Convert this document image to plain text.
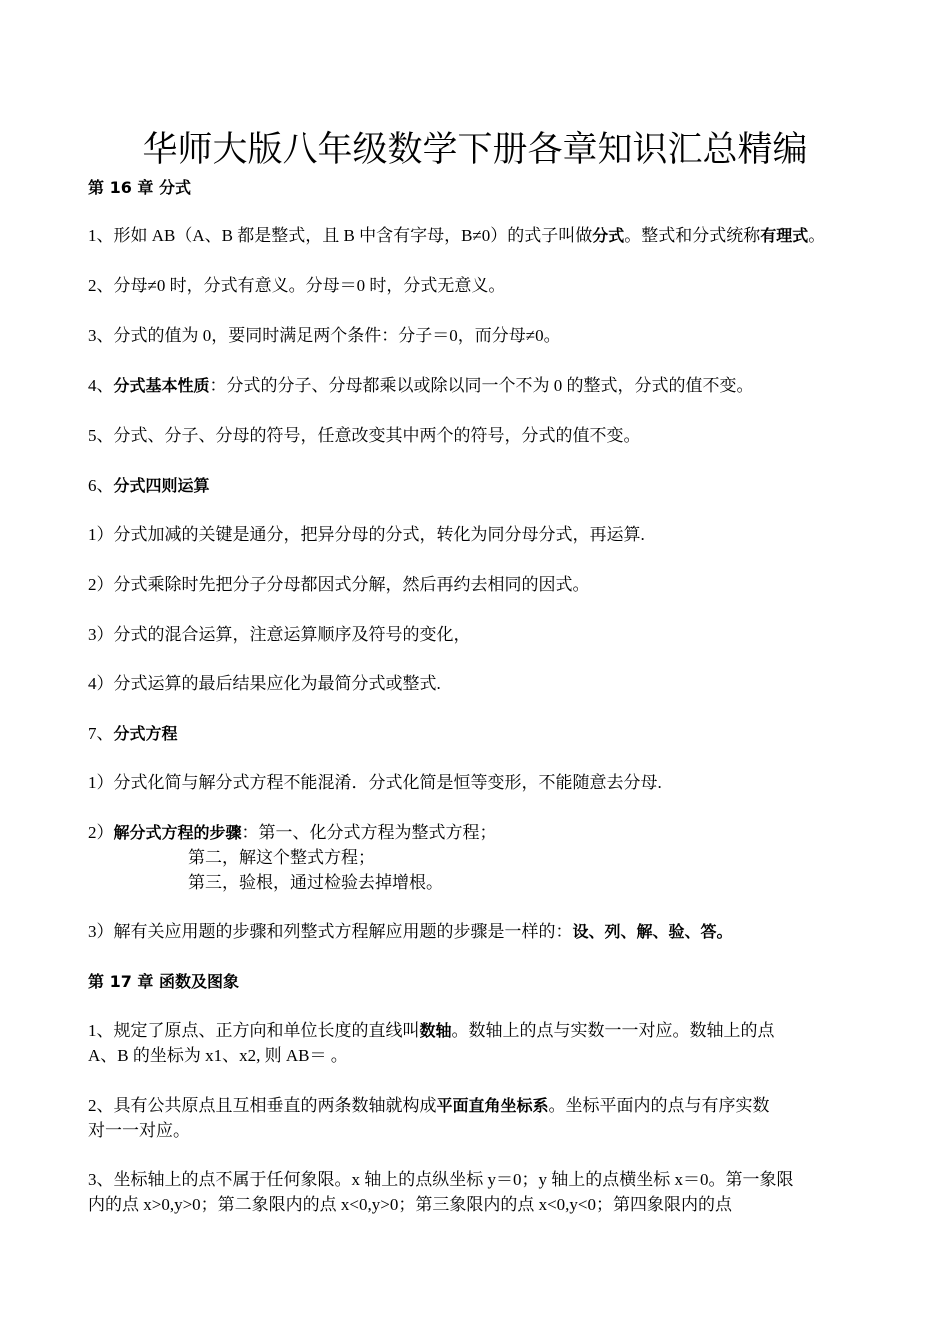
华师大版八年级数学下册各章知识汇总精编
第 16 章 分式
1、形如 AB（A、B 都是整式，且 B 中含有字母，B≠0）的式子叫做分式。整式和分式统称有理式。
2、分母≠0 时，分式有意义。分母＝0 时，分式无意义。
3、分式的值为 0，要同时满足两个条件：分子＝0，而分母≠0。
4、分式基本性质：分式的分子、分母都乘以或除以同一个不为 0 的整式，分式的值不变。
5、分式、分子、分母的符号，任意改变其中两个的符号，分式的值不变。
6、分式四则运算
1）分式加减的关键是通分，把异分母的分式，转化为同分母分式，再运算.
2）分式乘除时先把分子分母都因式分解，然后再约去相同的因式。
3）分式的混合运算，注意运算顺序及符号的变化，
4）分式运算的最后结果应化为最简分式或整式.
7、分式方程
1）分式化简与解分式方程不能混淆．分式化简是恒等变形，不能随意去分母.
2）解分式方程的步骤：第一、化分式方程为整式方程；
第二，解这个整式方程；
第三，验根，通过检验去掉增根。
3）解有关应用题的步骤和列整式方程解应用题的步骤是一样的：设、列、解、验、答。
第 17 章 函数及图象
1、规定了原点、正方向和单位长度的直线叫数轴。数轴上的点与实数一一对应。数轴上的点
A、B 的坐标为 x1、x2, 则 AB＝ 。
2、具有公共原点且互相垂直的两条数轴就构成平面直角坐标系。坐标平面内的点与有序实数
对一一对应。
3、坐标轴上的点不属于任何象限。x 轴上的点纵坐标 y＝0；y 轴上的点横坐标 x＝0。第一象限
内的点 x>0,y>0；第二象限内的点 x<0,y>0；第三象限内的点 x<0,y<0；第四象限内的点
